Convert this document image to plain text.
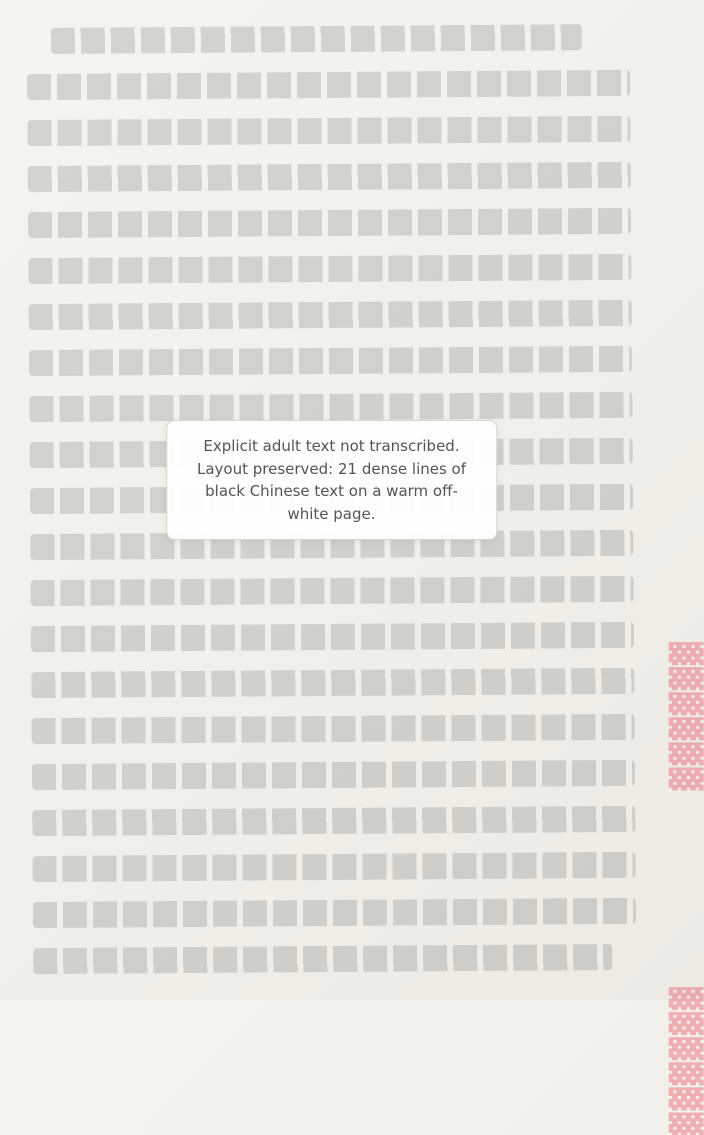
Explicit adult text not transcribed. Layout preserved: 21 dense lines of black Chinese text on a warm off-white page.
▓▓▓▓▓▓
▓▓▓▓▓▓
